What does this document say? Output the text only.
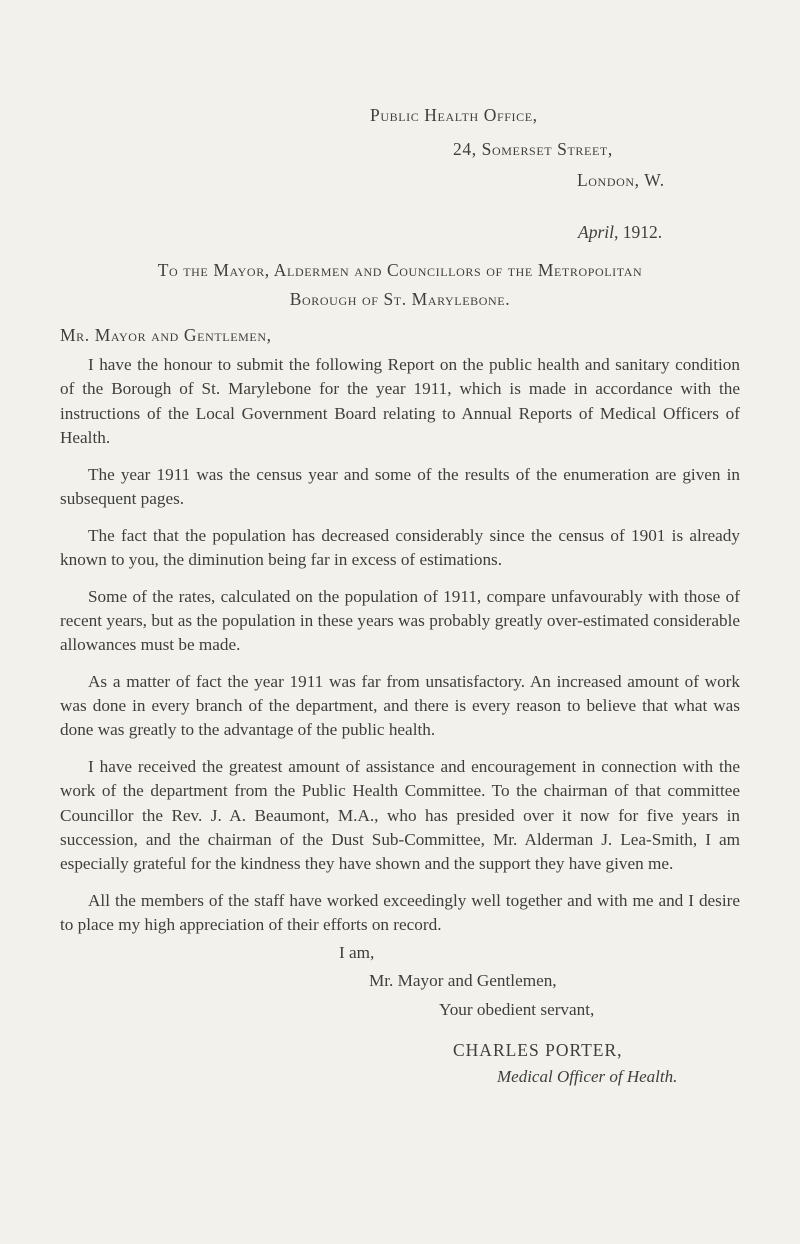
Public Health Office,
24, Somerset Street,
London, W.
April, 1912.
To the Mayor, Aldermen and Councillors of the Metropolitan
Borough of St. Marylebone.
Mr. Mayor and Gentlemen,

I have the honour to submit the following Report on the public health and sanitary condition of the Borough of St. Marylebone for the year 1911, which is made in accordance with the instructions of the Local Government Board relating to Annual Reports of Medical Officers of Health.

The year 1911 was the census year and some of the results of the enumeration are given in subsequent pages.

The fact that the population has decreased considerably since the census of 1901 is already known to you, the diminution being far in excess of estimations.

Some of the rates, calculated on the population of 1911, compare unfavourably with those of recent years, but as the population in these years was probably greatly over-estimated considerable allowances must be made.

As a matter of fact the year 1911 was far from unsatisfactory. An increased amount of work was done in every branch of the department, and there is every reason to believe that what was done was greatly to the advantage of the public health.

I have received the greatest amount of assistance and encouragement in connection with the work of the department from the Public Health Committee. To the chairman of that committee Councillor the Rev. J. A. Beaumont, M.A., who has presided over it now for five years in succession, and the chairman of the Dust Sub-Committee, Mr. Alderman J. Lea-Smith, I am especially grateful for the kindness they have shown and the support they have given me.

All the members of the staff have worked exceedingly well together and with me and I desire to place my high appreciation of their efforts on record.

I am,
Mr. Mayor and Gentlemen,
Your obedient servant,
CHARLES PORTER,
Medical Officer of Health.
